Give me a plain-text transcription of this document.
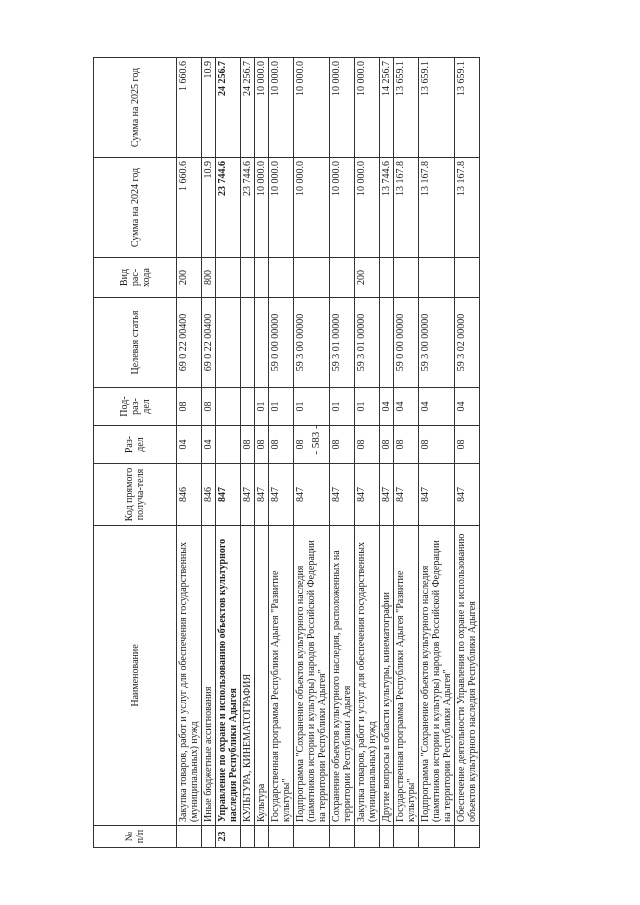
- 583 -
№ п/п	Наименование	Код прямого получа-теля	Раз-дел	Под-раз-дел	Целевая статья	Вид рас-хода	Сумма на 2024 год	Сумма на 2025 год
	Закупка товаров, работ и услуг для обеспечения государственных (муниципальных) нужд	846	04	08	69 0 22 00400	200	1 660.6	1 660.6
	Иные бюджетные ассигнования	846	04	08	69 0 22 00400	800	10.9	10.9
23	Управление по охране и использованию объектов культурного наследия Республики Адыгея	847					23 744.6	24 256.7
	КУЛЬТУРА, КИНЕМАТОГРАФИЯ	847	08				23 744.6	24 256.7
	Культура	847	08	01			10 000.0	10 000.0
	Государственная программа Республики Адыгея "Развитие культуры"	847	08	01	59 0 00 00000		10 000.0	10 000.0
	Подпрограмма "Сохранение объектов культурного наследия (памятников истории и культуры) народов Российской Федерации на территории Республики Адыгея"	847	08	01	59 3 00 00000		10 000.0	10 000.0
	Сохранение объектов культурного наследия, расположенных на территории Республики Адыгея	847	08	01	59 3 01 00000		10 000.0	10 000.0
	Закупка товаров, работ и услуг для обеспечения государственных (муниципальных) нужд	847	08	01	59 3 01 00000	200	10 000.0	10 000.0
	Другие вопросы в области культуры, кинематографии	847	08	04			13 744.6	14 256.7
	Государственная программа Республики Адыгея "Развитие культуры"	847	08	04	59 0 00 00000		13 167.8	13 659.1
	Подпрограмма "Сохранение объектов культурного наследия (памятников истории и культуры) народов Российской Федерации на территории Республики Адыгея"	847	08	04	59 3 00 00000		13 167.8	13 659.1
	Обеспечение деятельности Управления по охране и использованию объектов культурного наследия Республики Адыгея	847	08	04	59 3 02 00000		13 167.8	13 659.1
